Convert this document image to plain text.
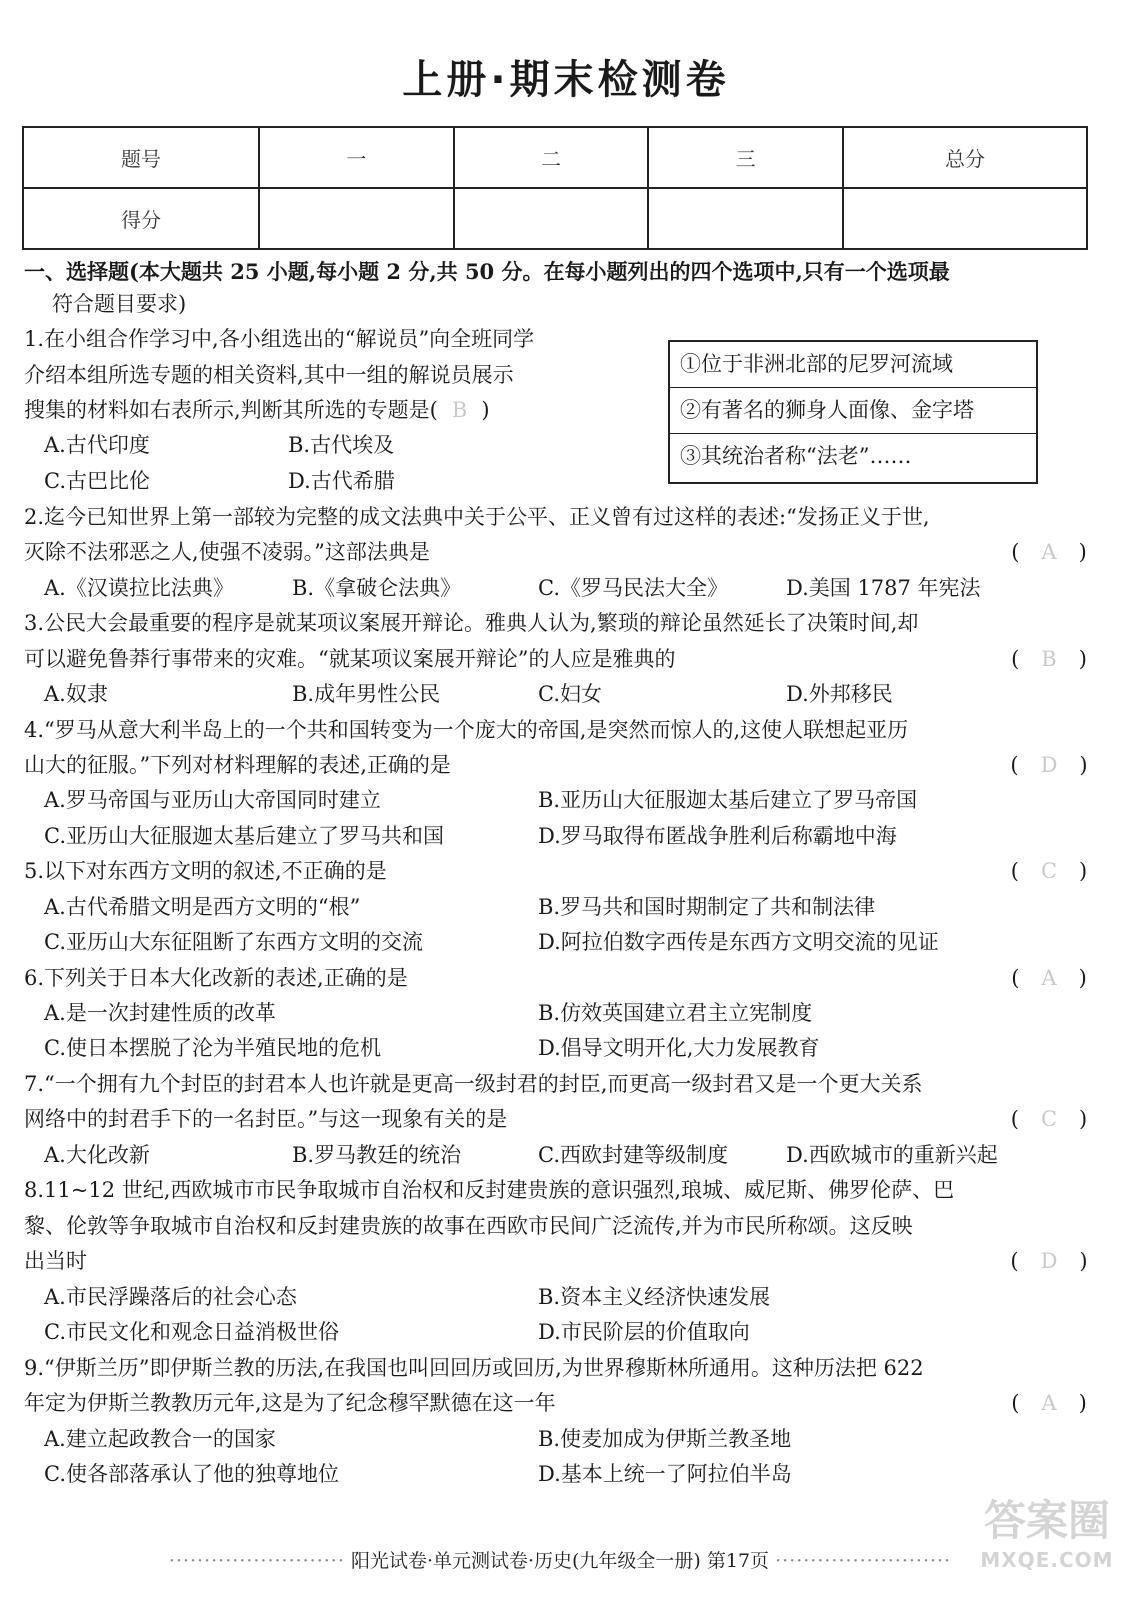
上册·期末检测卷
题号	一	二	三	总分
得分				
一、选择题(本大题共 25 小题,每小题 2 分,共 50 分。在每小题列出的四个选项中,只有一个选项最
符合题目要求)
1.在小组合作学习中,各小组选出的“解说员”向全班同学
介绍本组所选专题的相关资料,其中一组的解说员展示
搜集的材料如右表所示,判断其所选的专题是( B )
A.古代印度	B.古代埃及
C.古巴比伦	D.古代希腊
①位于非洲北部的尼罗河流域
②有著名的狮身人面像、金字塔
③其统治者称“法老”……
2.迄今已知世界上第一部较为完整的成文法典中关于公平、正义曾有过这样的表述:“发扬正义于世,
灭除不法邪恶之人,使强不凌弱。”这部法典是	( A )
A.《汉谟拉比法典》	B.《拿破仑法典》	C.《罗马民法大全》	D.美国 1787 年宪法
3.公民大会最重要的程序是就某项议案展开辩论。雅典人认为,繁琐的辩论虽然延长了决策时间,却
可以避免鲁莽行事带来的灾难。“就某项议案展开辩论”的人应是雅典的	( B )
A.奴隶	B.成年男性公民	C.妇女	D.外邦移民
4.“罗马从意大利半岛上的一个共和国转变为一个庞大的帝国,是突然而惊人的,这使人联想起亚历
山大的征服。”下列对材料理解的表述,正确的是	( D )
A.罗马帝国与亚历山大帝国同时建立	B.亚历山大征服迦太基后建立了罗马帝国
C.亚历山大征服迦太基后建立了罗马共和国	D.罗马取得布匿战争胜利后称霸地中海
5.以下对东西方文明的叙述,不正确的是	( C )
A.古代希腊文明是西方文明的“根”	B.罗马共和国时期制定了共和制法律
C.亚历山大东征阻断了东西方文明的交流	D.阿拉伯数字西传是东西方文明交流的见证
6.下列关于日本大化改新的表述,正确的是	( A )
A.是一次封建性质的改革	B.仿效英国建立君主立宪制度
C.使日本摆脱了沦为半殖民地的危机	D.倡导文明开化,大力发展教育
7.“一个拥有九个封臣的封君本人也许就是更高一级封君的封臣,而更高一级封君又是一个更大关系
网络中的封君手下的一名封臣。”与这一现象有关的是	( C )
A.大化改新	B.罗马教廷的统治	C.西欧封建等级制度	D.西欧城市的重新兴起
8.11~12 世纪,西欧城市市民争取城市自治权和反封建贵族的意识强烈,琅城、威尼斯、佛罗伦萨、巴
黎、伦敦等争取城市自治权和反封建贵族的故事在西欧市民间广泛流传,并为市民所称颂。这反映
出当时	( D )
A.市民浮躁落后的社会心态	B.资本主义经济快速发展
C.市民文化和观念日益消极世俗	D.市民阶层的价值取向
9.“伊斯兰历”即伊斯兰教的历法,在我国也叫回回历或回历,为世界穆斯林所通用。这种历法把 622
年定为伊斯兰教教历元年,这是为了纪念穆罕默德在这一年	( A )
A.建立起政教合一的国家	B.使麦加成为伊斯兰教圣地
C.使各部落承认了他的独尊地位	D.基本上统一了阿拉伯半岛
························· 阳光试卷·单元测试卷·历史(九年级全一册) 第17页 ·························
答案圈
MXQE.COM
